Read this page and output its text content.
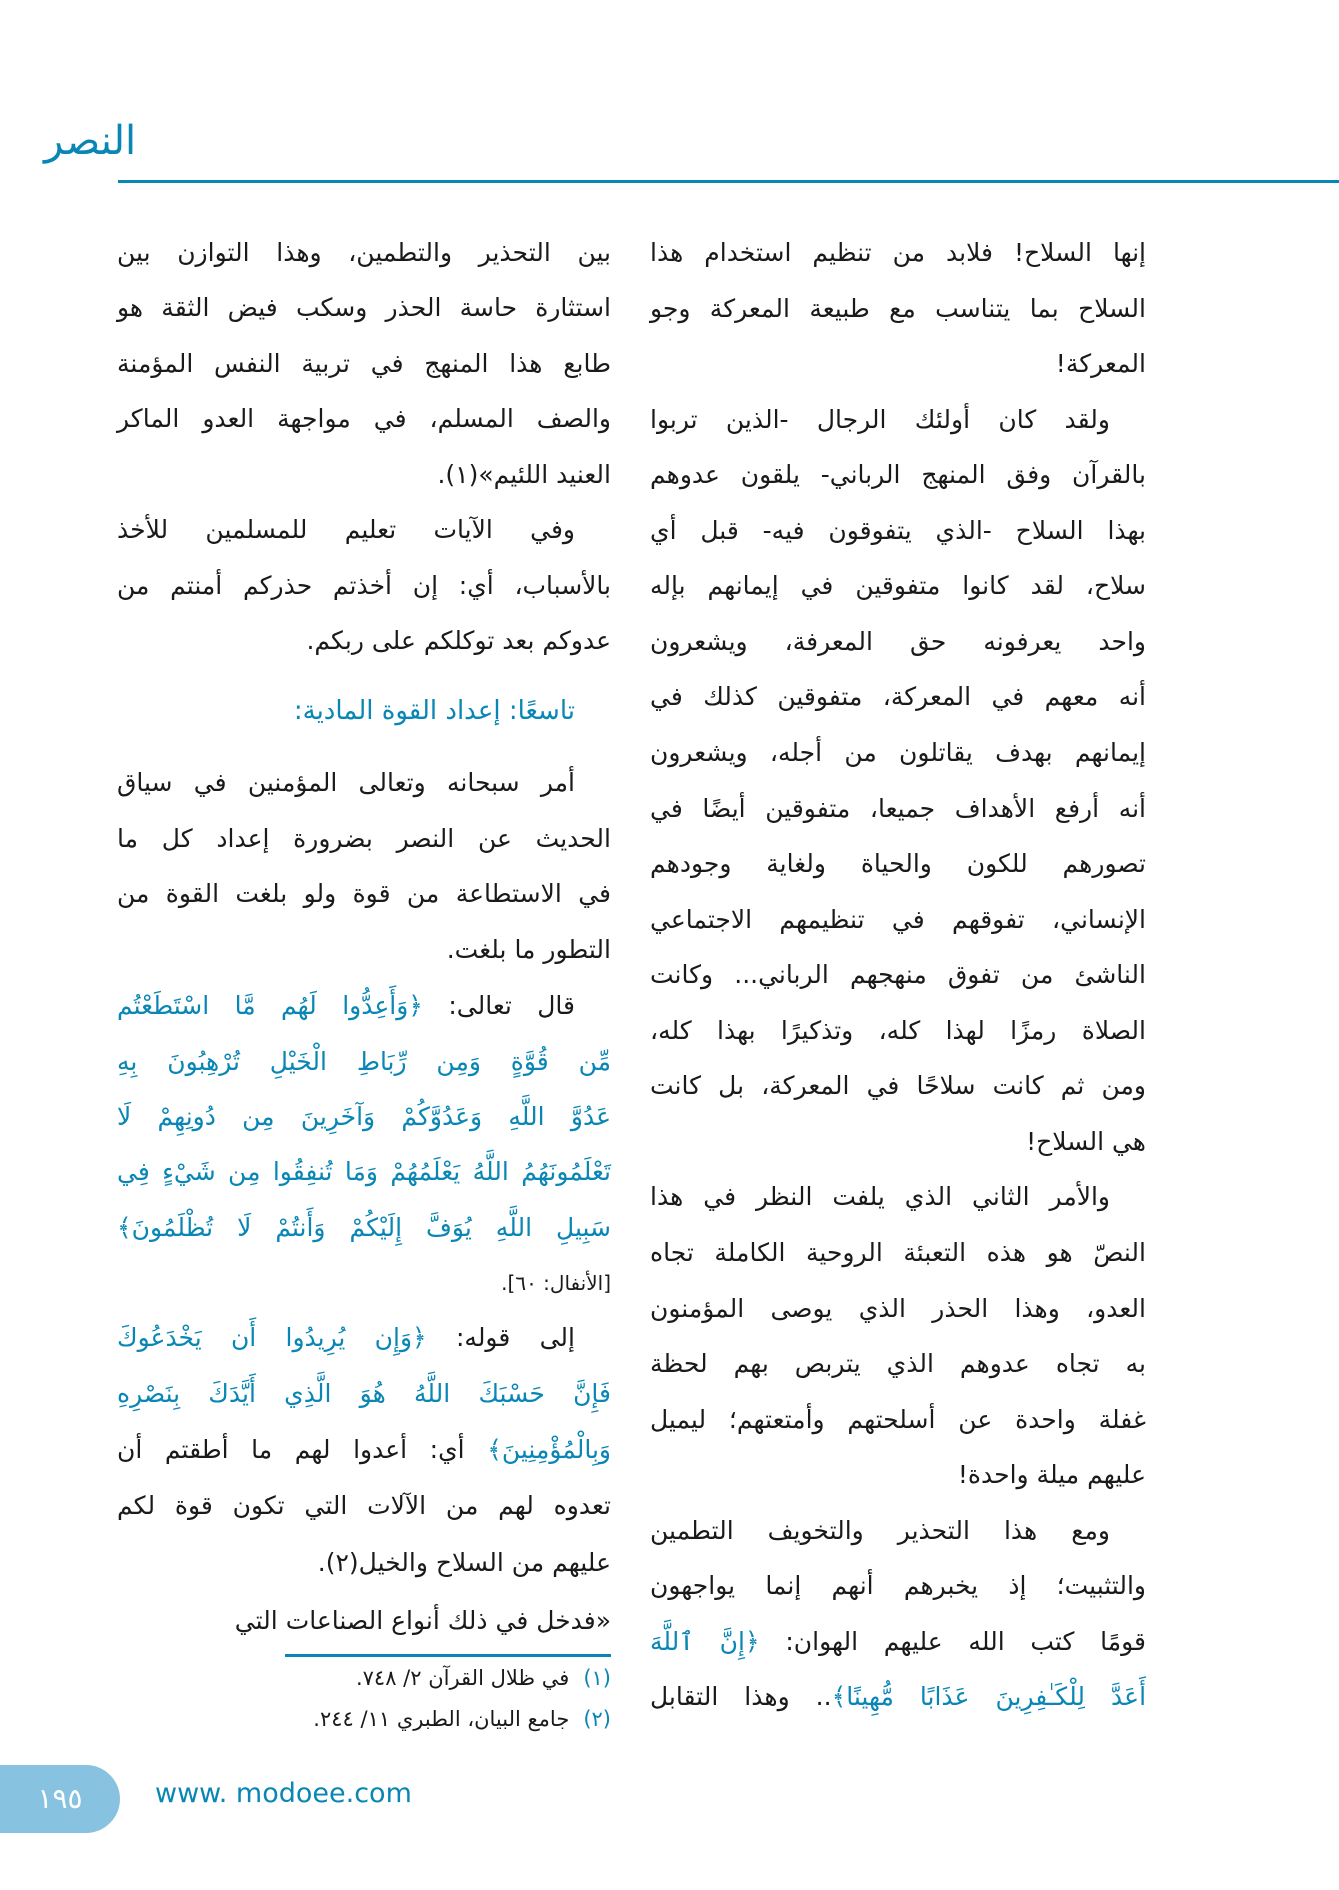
النصر
إنها السلاح! فلابد من تنظيم استخدام هذا
السلاح بما يتناسب مع طبيعة المعركة وجو
المعركة!
ولقد كان أولئك الرجال -الذين تربوا
بالقرآن وفق المنهج الرباني- يلقون عدوهم
بهذا السلاح -الذي يتفوقون فيه- قبل أي
سلاح، لقد كانوا متفوقين في إيمانهم بإله
واحد يعرفونه حق المعرفة، ويشعرون
أنه معهم في المعركة، متفوقين كذلك في
إيمانهم بهدف يقاتلون من أجله، ويشعرون
أنه أرفع الأهداف جميعا، متفوقين أيضًا في
تصورهم للكون والحياة ولغاية وجودهم
الإنساني، تفوقهم في تنظيمهم الاجتماعي
الناشئ من تفوق منهجهم الرباني... وكانت
الصلاة رمزًا لهذا كله، وتذكيرًا بهذا كله،
ومن ثم كانت سلاحًا في المعركة، بل كانت
هي السلاح!
والأمر الثاني الذي يلفت النظر في هذا
النصّ هو هذه التعبئة الروحية الكاملة تجاه
العدو، وهذا الحذر الذي يوصى المؤمنون
به تجاه عدوهم الذي يتربص بهم لحظة
غفلة واحدة عن أسلحتهم وأمتعتهم؛ ليميل
عليهم ميلة واحدة!
ومع هذا التحذير والتخويف التطمين
والتثبيت؛ إذ يخبرهم أنهم إنما يواجهون
قومًا كتب الله عليهم الهوان: ﴿إِنَّ ٱللَّهَ
أَعَدَّ لِلْكَـٰفِرِينَ عَذَابًا مُّهِينًا﴾.. وهذا التقابل
بين التحذير والتطمين، وهذا التوازن بين
استثارة حاسة الحذر وسكب فيض الثقة هو
طابع هذا المنهج في تربية النفس المؤمنة
والصف المسلم، في مواجهة العدو الماكر
العنيد اللئيم»(١).
وفي الآيات تعليم للمسلمين للأخذ
بالأسباب، أي: إن أخذتم حذركم أمنتم من
عدوكم بعد توكلكم على ربكم.
تاسعًا: إعداد القوة المادية:
أمر سبحانه وتعالى المؤمنين في سياق
الحديث عن النصر بضرورة إعداد كل ما
في الاستطاعة من قوة ولو بلغت القوة من
التطور ما بلغت.
قال تعالى: ﴿وَأَعِدُّوا لَهُم مَّا اسْتَطَعْتُم
مِّن قُوَّةٍ وَمِن رِّبَاطِ الْخَيْلِ تُرْهِبُونَ بِهِ
عَدُوَّ اللَّهِ وَعَدُوَّكُمْ وَآخَرِينَ مِن دُونِهِمْ لَا
تَعْلَمُونَهُمُ اللَّهُ يَعْلَمُهُمْ وَمَا تُنفِقُوا مِن شَيْءٍ فِي
سَبِيلِ اللَّهِ يُوَفَّ إِلَيْكُمْ وَأَنتُمْ لَا تُظْلَمُونَ﴾
[الأنفال: ٦٠].
إلى قوله: ﴿وَإِن يُرِيدُوا أَن يَخْدَعُوكَ
فَإِنَّ حَسْبَكَ اللَّهُ هُوَ الَّذِي أَيَّدَكَ بِنَصْرِهِ
وَبِالْمُؤْمِنِينَ﴾ أي: أعدوا لهم ما أطقتم أن
تعدوه لهم من الآلات التي تكون قوة لكم
عليهم من السلاح والخيل(٢).
«فدخل في ذلك أنواع الصناعات التي
(١)في ظلال القرآن ٢/ ٧٤٨.
(٢)جامع البيان، الطبري ١١/ ٢٤٤.
١٩٥	www. modoee.com
